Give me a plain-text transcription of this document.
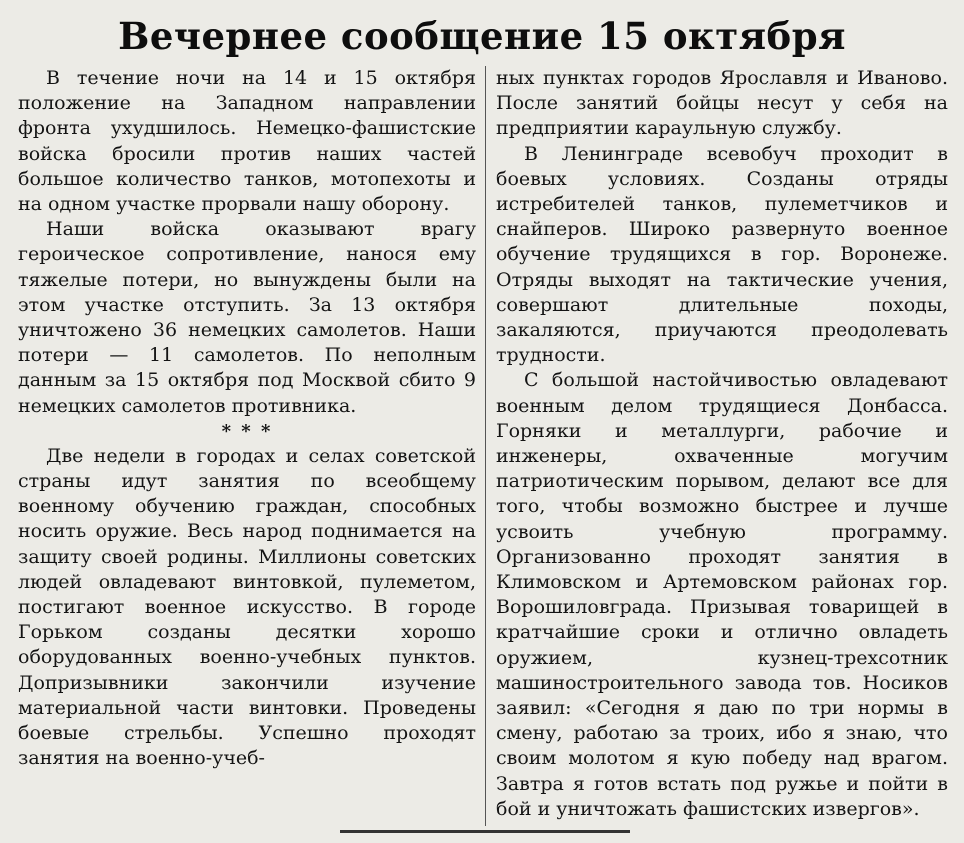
Вечернее сообщение 15 октября

В течение ночи на 14 и 15 октября положение на Западном направлении фронта ухудшилось. Немецко-фашистские войска бросили против наших частей большое количество танков, мотопехоты и на одном участке прорвали нашу оборону.

Наши войска оказывают врагу героическое сопротивление, нанося ему тяжелые потери, но вынуждены были на этом участке отступить. За 13 октября уничтожено 36 немецких самолетов. Наши потери — 11 самолетов. По неполным данным за 15 октября под Москвой сбито 9 немецких самолетов противника.

* * *

Две недели в городах и селах советской страны идут занятия по всеобщему военному обучению граждан, способных носить оружие. Весь народ поднимается на защиту своей родины. Миллионы советских людей овладевают винтовкой, пулеметом, постигают военное искусство. В городе Горьком созданы десятки хорошо оборудованных военно-учебных пунктов. Допризывники закончили изучение материальной части винтовки. Проведены боевые стрельбы. Успешно проходят занятия на военно-учеб-

ных пунктах городов Ярославля и Иваново. После занятий бойцы несут у себя на предприятии караульную службу.

В Ленинграде всевобуч проходит в боевых условиях. Созданы отряды истребителей танков, пулеметчиков и снайперов. Широко развернуто военное обучение трудящихся в гор. Воронеже. Отряды выходят на тактические учения, совершают длительные походы, закаляются, приучаются преодолевать трудности.

С большой настойчивостью овладевают военным делом трудящиеся Донбасса. Горняки и металлурги, рабочие и инженеры, охваченные могучим патриотическим порывом, делают все для того, чтобы возможно быстрее и лучше усвоить учебную программу. Организованно проходят занятия в Климовском и Артемовском районах гор. Ворошиловграда. Призывая товарищей в кратчайшие сроки и отлично овладеть оружием, кузнец-трехсотник машиностроительного завода тов. Носиков заявил: «Сегодня я даю по три нормы в смену, работаю за троих, ибо я знаю, что своим молотом я кую победу над врагом. Завтра я готов встать под ружье и пойти в бой и уничтожать фашистских извергов».
